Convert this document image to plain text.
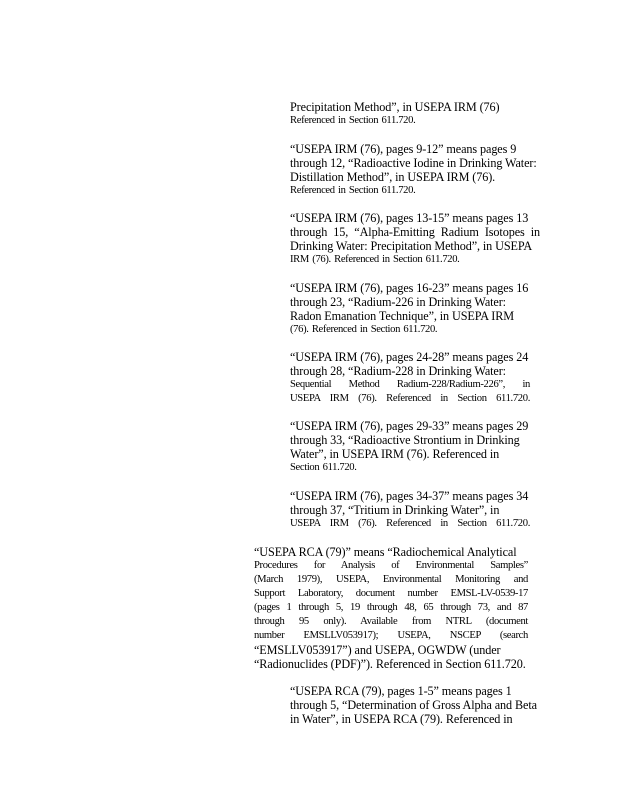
Precipitation Method”, in USEPA IRM (76)
Referenced in Section 611.720.
“USEPA IRM (76), pages 9-12” means pages 9
through 12, “Radioactive Iodine in Drinking Water:
Distillation Method”, in USEPA IRM (76).
Referenced in Section 611.720.
“USEPA IRM (76), pages 13-15” means pages 13
through 15, “Alpha-Emitting Radium Isotopes in
Drinking Water: Precipitation Method”, in USEPA
IRM (76). Referenced in Section 611.720.
“USEPA IRM (76), pages 16-23” means pages 16
through 23, “Radium-226 in Drinking Water:
Radon Emanation Technique”, in USEPA IRM
(76). Referenced in Section 611.720.
“USEPA IRM (76), pages 24-28” means pages 24
through 28, “Radium-228 in Drinking Water:
Sequential Method Radium-228/Radium-226”, in
USEPA IRM (76). Referenced in Section 611.720.
“USEPA IRM (76), pages 29-33” means pages 29
through 33, “Radioactive Strontium in Drinking
Water”, in USEPA IRM (76). Referenced in
Section 611.720.
“USEPA IRM (76), pages 34-37” means pages 34
through 37, “Tritium in Drinking Water”, in
USEPA IRM (76). Referenced in Section 611.720.
“USEPA RCA (79)” means “Radiochemical Analytical
Procedures for Analysis of Environmental Samples”
(March 1979), USEPA, Environmental Monitoring and
Support Laboratory, document number EMSL-LV-0539-17
(pages 1 through 5, 19 through 48, 65 through 73, and 87
through 95 only). Available from NTRL (document
number EMSLLV053917); USEPA, NSCEP (search
“EMSLLV053917”) and USEPA, OGWDW (under
“Radionuclides (PDF)”). Referenced in Section 611.720.
“USEPA RCA (79), pages 1-5” means pages 1
through 5, “Determination of Gross Alpha and Beta
in Water”, in USEPA RCA (79). Referenced in
